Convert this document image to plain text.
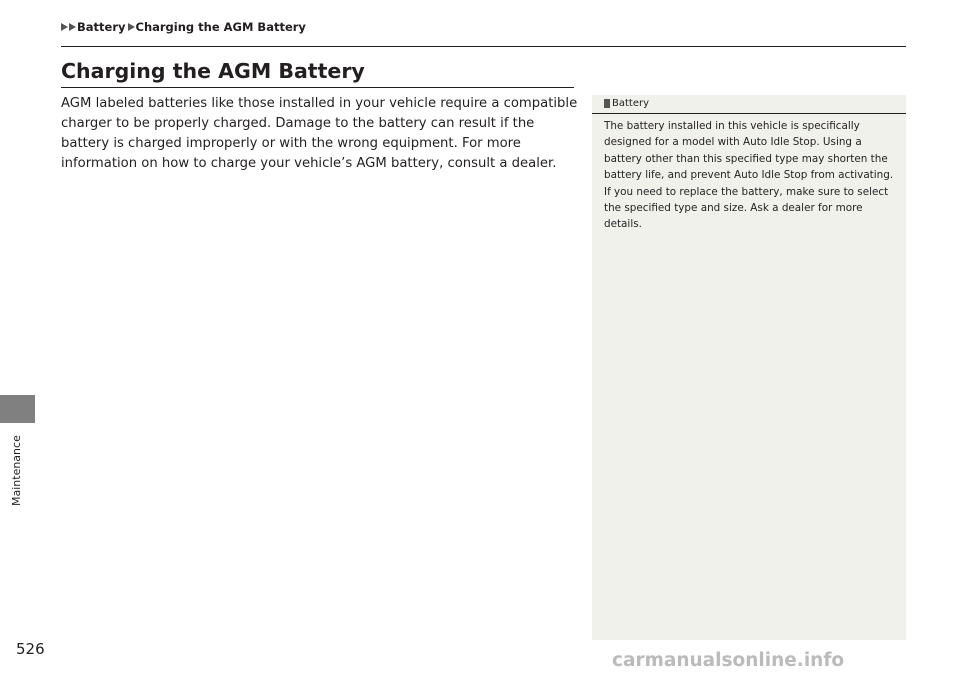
Battery Charging the AGM Battery
Charging the AGM Battery

AGM labeled batteries like those installed in your vehicle require a compatible charger to be properly charged. Damage to the battery can result if the battery is charged improperly or with the wrong equipment. For more information on how to charge your vehicle’s AGM battery, consult a dealer.

Battery

The battery installed in this vehicle is specifically designed for a model with Auto Idle Stop. Using a battery other than this specified type may shorten the battery life, and prevent Auto Idle Stop from activating. If you need to replace the battery, make sure to select the specified type and size. Ask a dealer for more details.

Maintenance
526
carmanualsonline.info
